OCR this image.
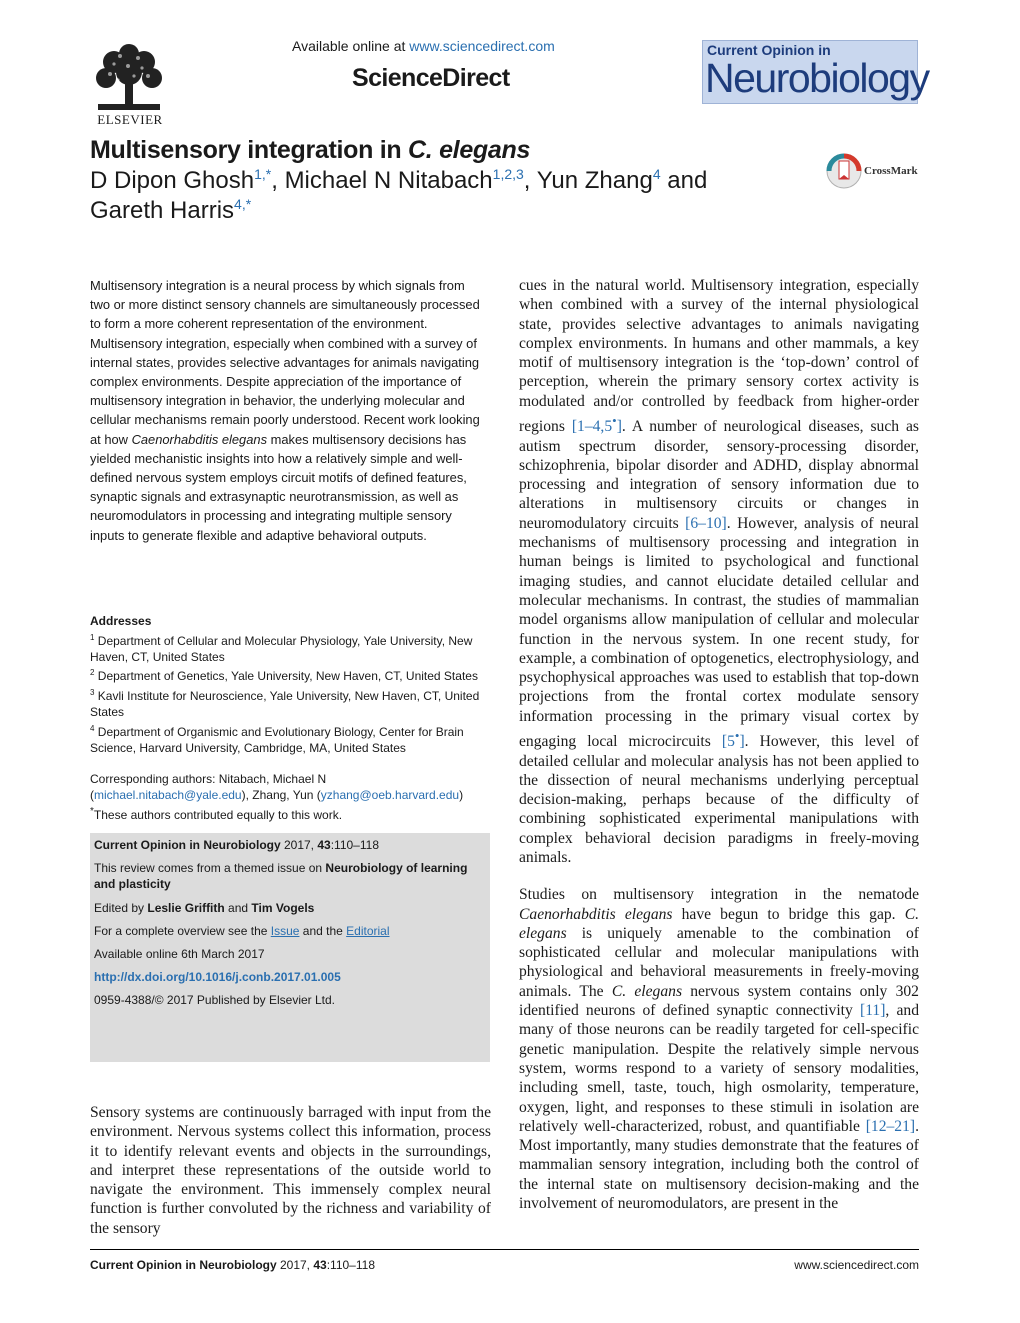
ELSEVIER
Available online at www.sciencedirect.com
ScienceDirect
Current Opinion in
Neurobiology
Multisensory integration in C. elegans
D Dipon Ghosh$^{1,*}$, Michael N Nitabach$^{1,2,3}$, Yun Zhang$^4$ and Gareth Harris$^{4,*}$
CrossMark
Multisensory integration is a neural process by which signals from two or more distinct sensory channels are simultaneously processed to form a more coherent representation of the environment. Multisensory integration, especially when combined with a survey of internal states, provides selective advantages for animals navigating complex environments. Despite appreciation of the importance of multisensory integration in behavior, the underlying molecular and cellular mechanisms remain poorly understood. Recent work looking at how Caenorhabditis elegans makes multisensory decisions has yielded mechanistic insights into how a relatively simple and well-defined nervous system employs circuit motifs of defined features, synaptic signals and extrasynaptic neurotransmission, as well as neuromodulators in processing and integrating multiple sensory inputs to generate flexible and adaptive behavioral outputs.
Addresses
$^1$ Department of Cellular and Molecular Physiology, Yale University, New Haven, CT, United States
$^2$ Department of Genetics, Yale University, New Haven, CT, United States
$^3$ Kavli Institute for Neuroscience, Yale University, New Haven, CT, United States
$^4$ Department of Organismic and Evolutionary Biology, Center for Brain Science, Harvard University, Cambridge, MA, United States
Corresponding authors: Nitabach, Michael N
(michael.nitabach@yale.edu), Zhang, Yun (yzhang@oeb.harvard.edu)
*These authors contributed equally to this work.
Current Opinion in Neurobiology 2017, 43:110–118
This review comes from a themed issue on Neurobiology of learning and plasticity
Edited by Leslie Griffith and Tim Vogels
For a complete overview see the Issue and the Editorial
Available online 6th March 2017
http://dx.doi.org/10.1016/j.conb.2017.01.005
0959-4388/© 2017 Published by Elsevier Ltd.
Sensory systems are continuously barraged with input from the environment. Nervous systems collect this information, process it to identify relevant events and objects in the surroundings, and interpret these representations of the outside world to navigate the environment. This immensely complex neural function is further convoluted by the richness and variability of the sensory

cues in the natural world. Multisensory integration, especially when combined with a survey of the internal physiological state, provides selective advantages to animals navigating complex environments. In humans and other mammals, a key motif of multisensory integration is the ‘top-down’ control of perception, wherein the primary sensory cortex activity is modulated and/or controlled by feedback from higher-order regions [1–4,5•]. A number of neurological diseases, such as autism spectrum disorder, sensory-processing disorder, schizophrenia, bipolar disorder and ADHD, display abnormal processing and integration of sensory information due to alterations in multisensory circuits or changes in neuromodulatory circuits [6–10]. However, analysis of neural mechanisms of multisensory processing and integration in human beings is limited to psychological and functional imaging studies, and cannot elucidate detailed cellular and molecular mechanisms. In contrast, the studies of mammalian model organisms allow manipulation of cellular and molecular function in the nervous system. In one recent study, for example, a combination of optogenetics, electrophysiology, and psychophysical approaches was used to establish that top-down projections from the frontal cortex modulate sensory information processing in the primary visual cortex by engaging local microcircuits [5•]. However, this level of detailed cellular and molecular analysis has not been applied to the dissection of neural mechanisms underlying perceptual decision-making, perhaps because of the difficulty of combining sophisticated experimental manipulations with complex behavioral decision paradigms in freely-moving animals.

Studies on multisensory integration in the nematode Caenorhabditis elegans have begun to bridge this gap. C. elegans is uniquely amenable to the combination of sophisticated cellular and molecular manipulations with physiological and behavioral measurements in freely-moving animals. The C. elegans nervous system contains only 302 identified neurons of defined synaptic connectivity [11], and many of those neurons can be readily targeted for cell-specific genetic manipulation. Despite the relatively simple nervous system, worms respond to a variety of sensory modalities, including smell, taste, touch, high osmolarity, temperature, oxygen, light, and responses to these stimuli in isolation are relatively well-characterized, robust, and quantifiable [12–21]. Most importantly, many studies demonstrate that the features of mammalian sensory integration, including both the control of the internal state on multisensory decision-making and the involvement of neuromodulators, are present in the

Current Opinion in Neurobiology 2017, 43:110–118	www.sciencedirect.com
